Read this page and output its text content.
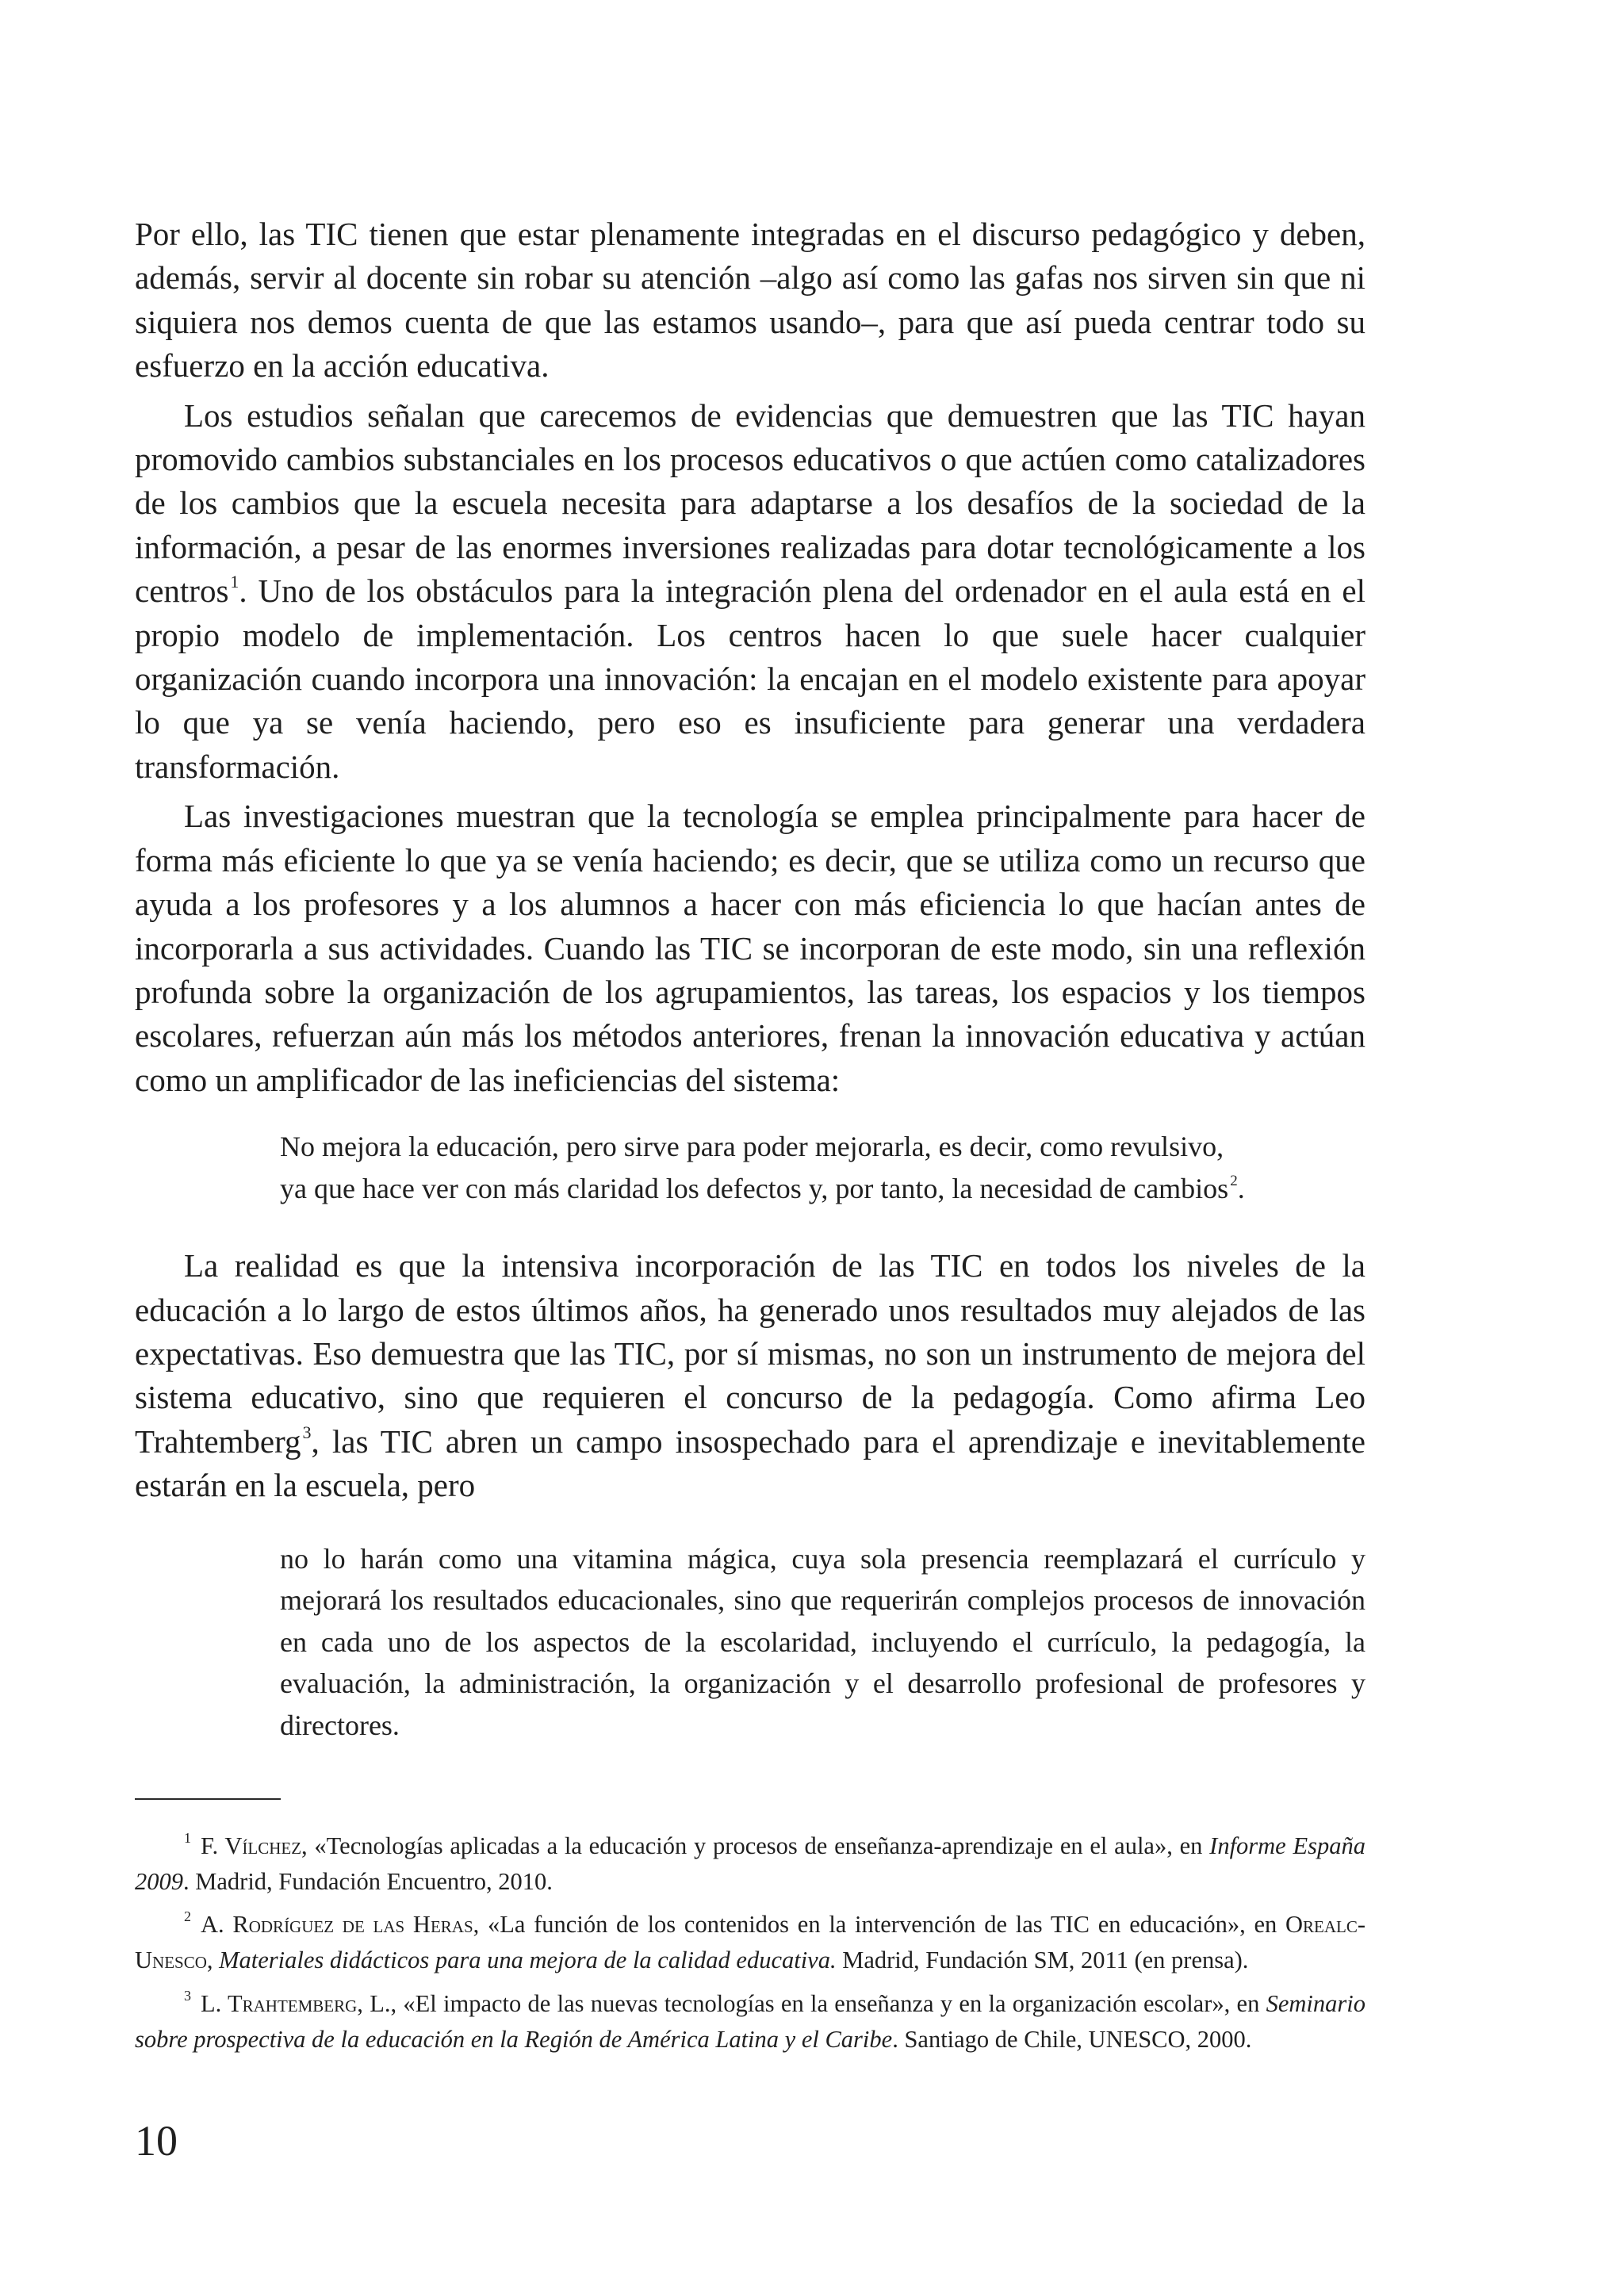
Por ello, las TIC tienen que estar plenamente integradas en el discurso pedagógico y deben, además, servir al docente sin robar su atención –algo así como las gafas nos sirven sin que ni siquiera nos demos cuenta de que las estamos usando–, para que así pueda centrar todo su esfuerzo en la acción educativa.

Los estudios señalan que carecemos de evidencias que demuestren que las TIC hayan promovido cambios substanciales en los procesos educativos o que actúen como catalizadores de los cambios que la escuela necesita para adaptarse a los desafíos de la sociedad de la información, a pesar de las enormes inversiones realizadas para dotar tecnológicamente a los centros$^1$. Uno de los obstáculos para la integración plena del ordenador en el aula está en el propio modelo de implementación. Los centros hacen lo que suele hacer cualquier organización cuando incorpora una innovación: la encajan en el modelo existente para apoyar lo que ya se venía haciendo, pero eso es insuficiente para generar una verdadera transformación.

Las investigaciones muestran que la tecnología se emplea principalmente para hacer de forma más eficiente lo que ya se venía haciendo; es decir, que se utiliza como un recurso que ayuda a los profesores y a los alumnos a hacer con más eficiencia lo que hacían antes de incorporarla a sus actividades. Cuando las TIC se incorporan de este modo, sin una reflexión profunda sobre la organización de los agrupamientos, las tareas, los espacios y los tiempos escolares, refuerzan aún más los métodos anteriores, frenan la innovación educativa y actúan como un amplificador de las ineficiencias del sistema:

No mejora la educación, pero sirve para poder mejorarla, es decir, como revulsivo,
ya que hace ver con más claridad los defectos y, por tanto, la necesidad de cambios $^2$.

La realidad es que la intensiva incorporación de las TIC en todos los niveles de la educación a lo largo de estos últimos años, ha generado unos resultados muy alejados de las expectativas. Eso demuestra que las TIC, por sí mismas, no son un instrumento de mejora del sistema educativo, sino que requieren el concurso de la pedagogía. Como afirma Leo Trahtemberg$^3$, las TIC abren un campo insospechado para el aprendizaje e inevitablemente estarán en la escuela, pero

no lo harán como una vitamina mágica, cuya sola presencia reemplazará el currículo y mejorará los resultados educacionales, sino que requerirán complejos procesos de innovación en cada uno de los aspectos de la escolaridad, incluyendo el currículo, la pedagogía, la evaluación, la administración, la organización y el desarrollo profesional de profesores y directores.

$^1$ F. Vílchez, «Tecnologías aplicadas a la educación y procesos de enseñanza-aprendizaje en el aula», en Informe España 2009. Madrid, Fundación Encuentro, 2010.

$^2$ A. Rodríguez de las Heras, «La función de los contenidos en la intervención de las TIC en educación», en Orealc-Unesco, Materiales didácticos para una mejora de la calidad educativa. Madrid, Fundación SM, 2011 (en prensa).

$^3$ L. Trahtemberg, L., «El impacto de las nuevas tecnologías en la enseñanza y en la organización escolar», en Seminario sobre prospectiva de la educación en la Región de América Latina y el Caribe. Santiago de Chile, UNESCO, 2000.

10
